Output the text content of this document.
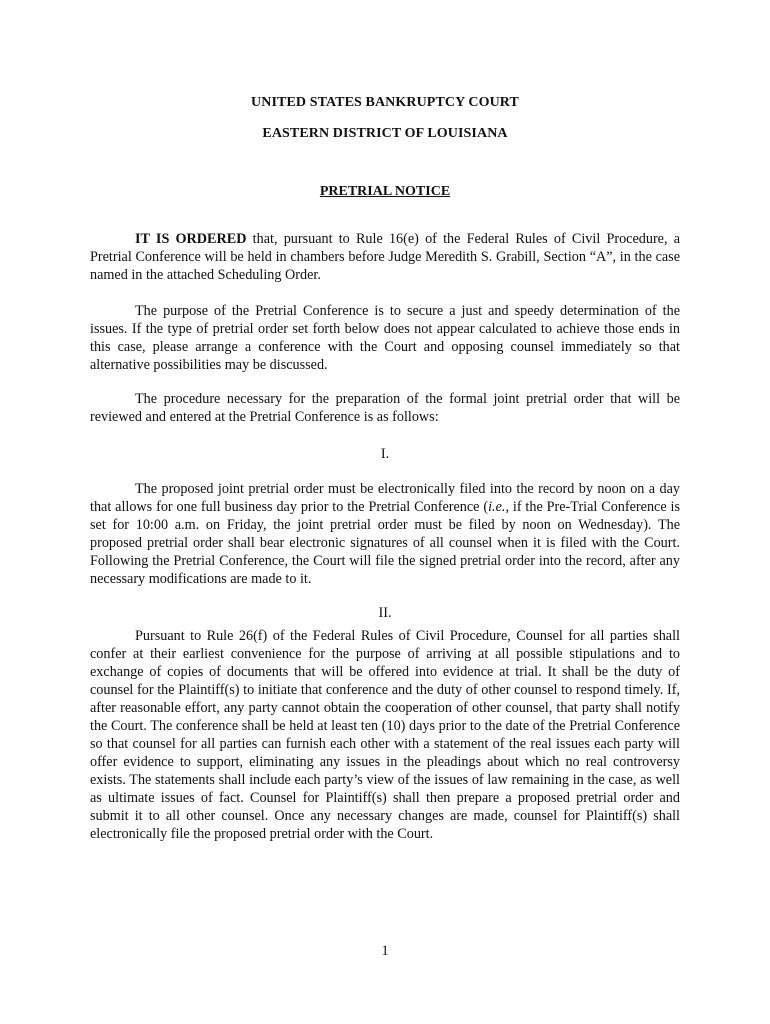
UNITED STATES BANKRUPTCY COURT
EASTERN DISTRICT OF LOUISIANA
PRETRIAL NOTICE

IT IS ORDERED that, pursuant to Rule 16(e) of the Federal Rules of Civil Procedure, a Pretrial Conference will be held in chambers before Judge Meredith S. Grabill, Section “A”, in the case named in the attached Scheduling Order.

The purpose of the Pretrial Conference is to secure a just and speedy determination of the issues. If the type of pretrial order set forth below does not appear calculated to achieve those ends in this case, please arrange a conference with the Court and opposing counsel immediately so that alternative possibilities may be discussed.

The procedure necessary for the preparation of the formal joint pretrial order that will be reviewed and entered at the Pretrial Conference is as follows:

I.

The proposed joint pretrial order must be electronically filed into the record by noon on a day that allows for one full business day prior to the Pretrial Conference (i.e., if the Pre-Trial Conference is set for 10:00 a.m. on Friday, the joint pretrial order must be filed by noon on Wednesday). The proposed pretrial order shall bear electronic signatures of all counsel when it is filed with the Court. Following the Pretrial Conference, the Court will file the signed pretrial order into the record, after any necessary modifications are made to it.

II.

Pursuant to Rule 26(f) of the Federal Rules of Civil Procedure, Counsel for all parties shall confer at their earliest convenience for the purpose of arriving at all possible stipulations and to exchange of copies of documents that will be offered into evidence at trial. It shall be the duty of counsel for the Plaintiff(s) to initiate that conference and the duty of other counsel to respond timely. If, after reasonable effort, any party cannot obtain the cooperation of other counsel, that party shall notify the Court. The conference shall be held at least ten (10) days prior to the date of the Pretrial Conference so that counsel for all parties can furnish each other with a statement of the real issues each party will offer evidence to support, eliminating any issues in the pleadings about which no real controversy exists. The statements shall include each party’s view of the issues of law remaining in the case, as well as ultimate issues of fact. Counsel for Plaintiff(s) shall then prepare a proposed pretrial order and submit it to all other counsel. Once any necessary changes are made, counsel for Plaintiff(s) shall electronically file the proposed pretrial order with the Court.

1
